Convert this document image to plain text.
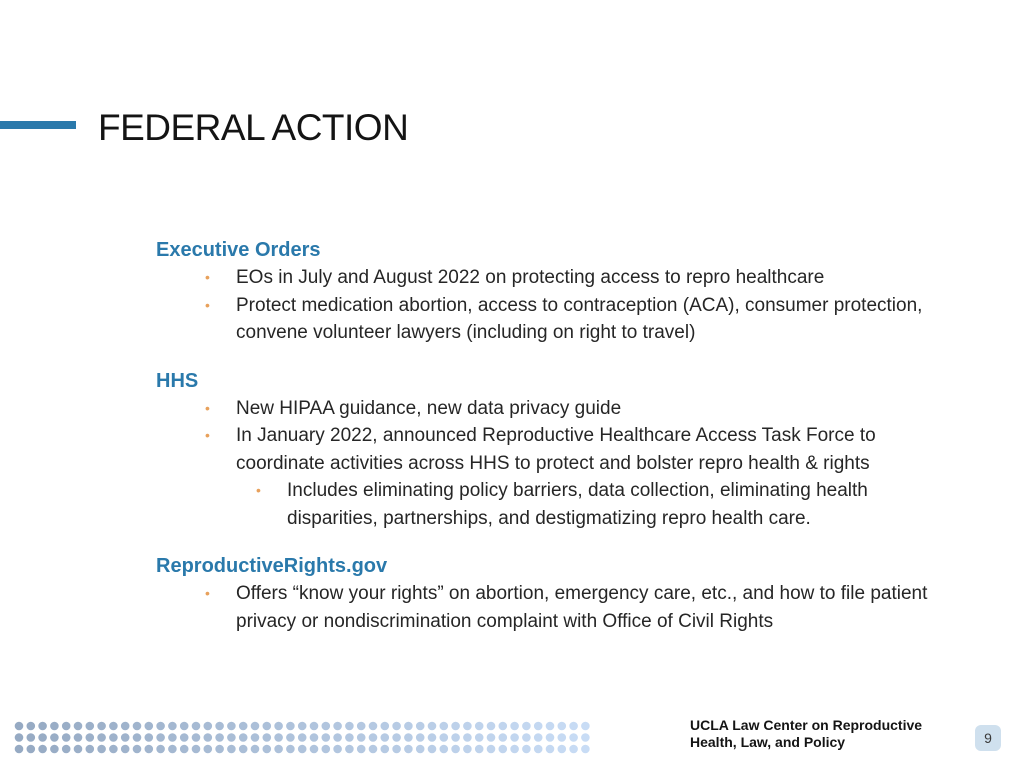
FEDERAL ACTION

Executive Orders

• EOs in July and August 2022 on protecting access to repro healthcare
• Protect medication abortion, access to contraception (ACA), consumer protection, convene volunteer lawyers (including on right to travel)

HHS

• New HIPAA guidance, new data privacy guide
• In January 2022, announced Reproductive Healthcare Access Task Force to coordinate activities across HHS to protect and bolster repro health & rights
• Includes eliminating policy barriers, data collection, eliminating health disparities, partnerships, and destigmatizing repro health care.

ReproductiveRights.gov

• Offers “know your rights” on abortion, emergency care, etc., and how to file patient privacy or nondiscrimination complaint with Office of Civil Rights
UCLA Law Center on Reproductive Health, Law, and Policy	9
